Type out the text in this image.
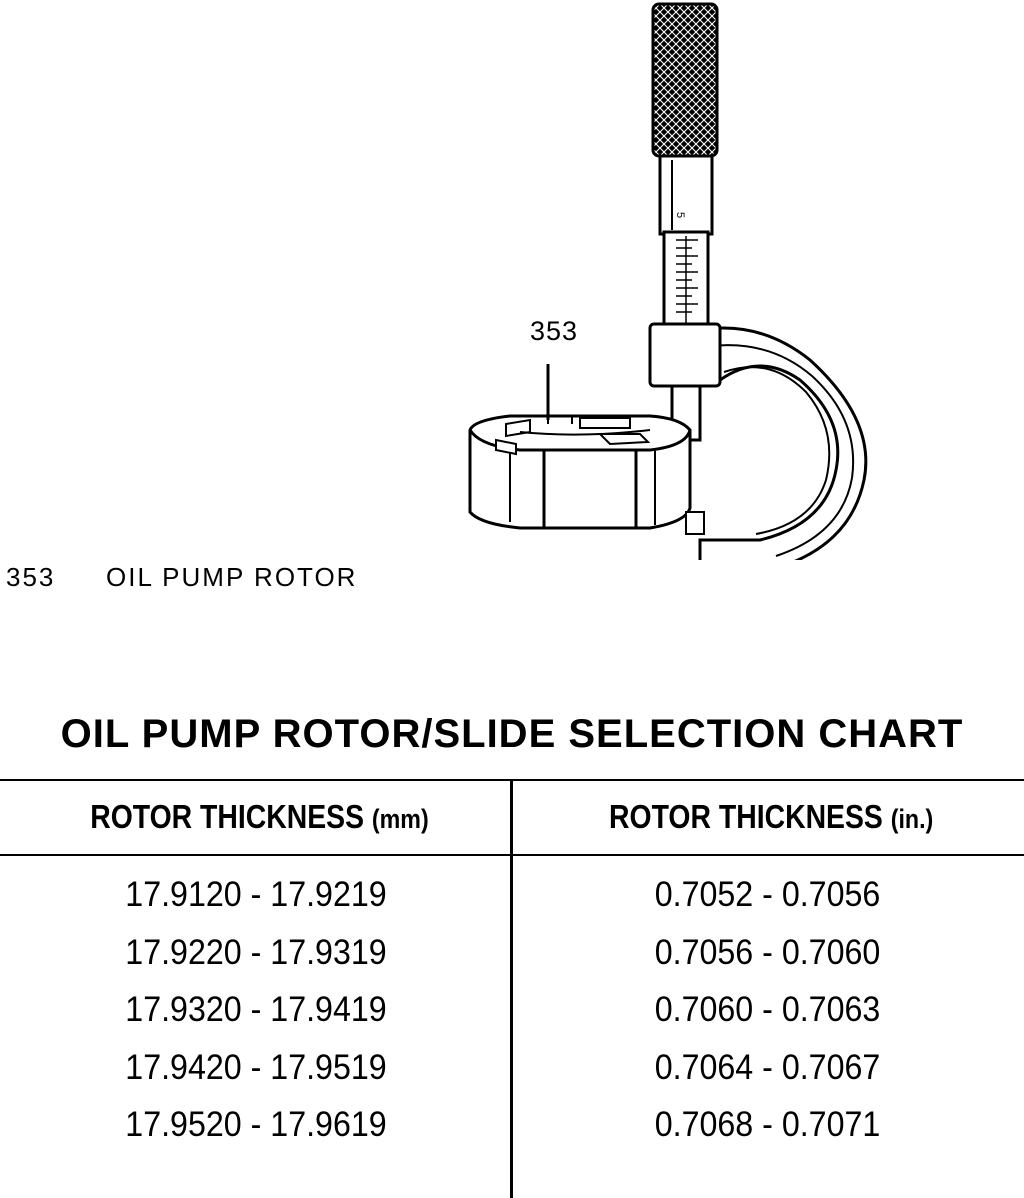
5
353
353 OIL PUMP ROTOR
OIL PUMP ROTOR/SLIDE SELECTION CHART
ROTOR THICKNESS (mm)	ROTOR THICKNESS (in.)
17.9120 - 17.9219
17.9220 - 17.9319
17.9320 - 17.9419
17.9420 - 17.9519
17.9520 - 17.9619
0.7052 - 0.7056
0.7056 - 0.7060
0.7060 - 0.7063
0.7064 - 0.7067
0.7068 - 0.7071
